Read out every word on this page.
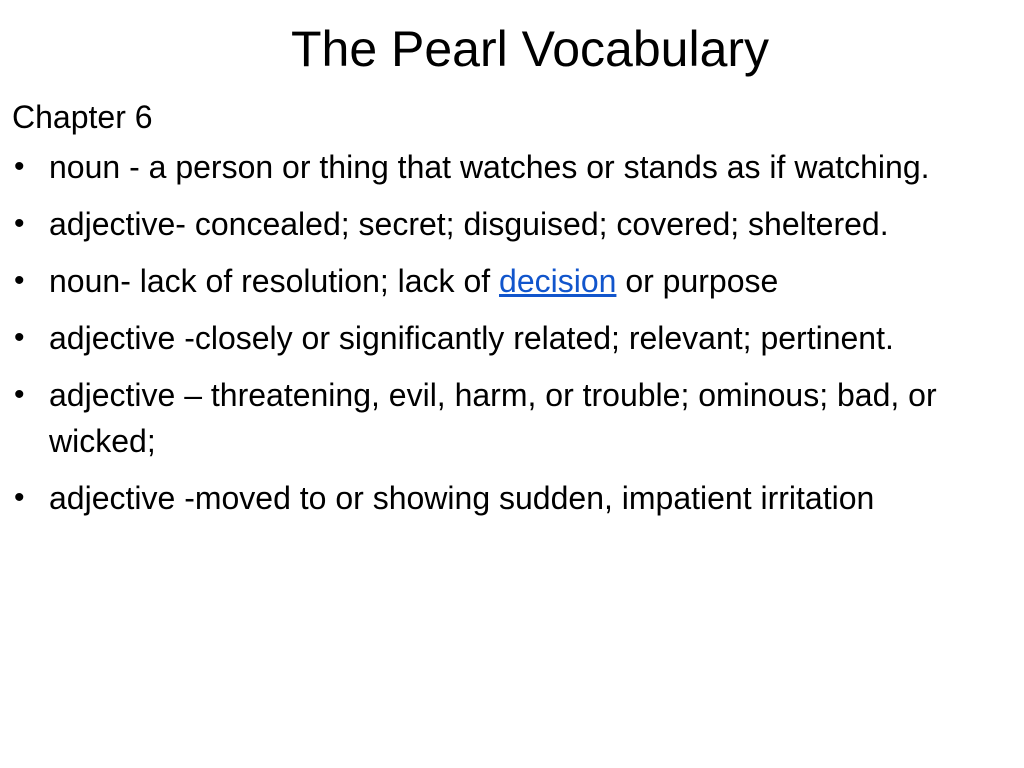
The Pearl Vocabulary
Chapter 6
• noun - a person or thing that watches or stands as if watching.
• adjective- concealed; secret; disguised; covered; sheltered.
• noun- lack of resolution; lack of decision or purpose
• adjective -closely or significantly related; relevant; pertinent.
• adjective – threatening, evil, harm, or trouble; ominous; bad, or wicked;
• adjective -moved to or showing sudden, impatient irritation
